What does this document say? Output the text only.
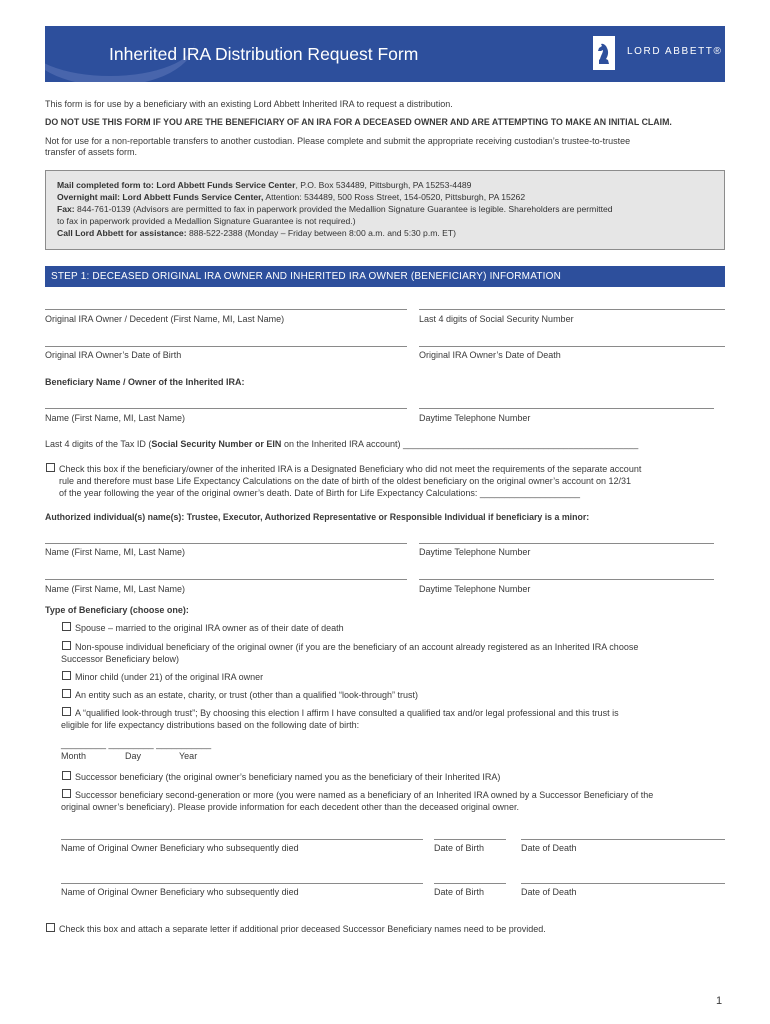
Inherited IRA Distribution Request Form	LORD ABBETT®
This form is for use by a beneficiary with an existing Lord Abbett Inherited IRA to request a distribution.
DO NOT USE THIS FORM IF YOU ARE THE BENEFICIARY OF AN IRA FOR A DECEASED OWNER AND ARE ATTEMPTING TO MAKE AN INITIAL CLAIM.
Not for use for a non-reportable transfers to another custodian. Please complete and submit the appropriate receiving custodian’s trustee-to-trustee
transfer of assets form.
Mail completed form to: Lord Abbett Funds Service Center, P.O. Box 534489, Pittsburgh, PA 15253-4489
Overnight mail: Lord Abbett Funds Service Center, Attention: 534489, 500 Ross Street, 154-0520, Pittsburgh, PA 15262
Fax: 844-761-0139 (Advisors are permitted to fax in paperwork provided the Medallion Signature Guarantee is legible. Shareholders are permitted
to fax in paperwork provided a Medallion Signature Guarantee is not required.)
Call Lord Abbett for assistance: 888-522-2388 (Monday – Friday between 8:00 a.m. and 5:30 p.m. ET)
STEP 1: DECEASED ORIGINAL IRA OWNER AND INHERITED IRA OWNER (BENEFICIARY) INFORMATION
Original IRA Owner / Decedent (First Name, MI, Last Name)	Last 4 digits of Social Security Number
Original IRA Owner’s Date of Birth	Original IRA Owner’s Date of Death
Beneficiary Name / Owner of the Inherited IRA:
Name (First Name, MI, Last Name)	Daytime Telephone Number
Last 4 digits of the Tax ID (Social Security Number or EIN on the Inherited IRA account) _______________________________________________
Check this box if the beneficiary/owner of the inherited IRA is a Designated Beneficiary who did not meet the requirements of the separate account
rule and therefore must base Life Expectancy Calculations on the date of birth of the oldest beneficiary on the original owner’s account on 12/31
of the year following the year of the original owner’s death. Date of Birth for Life Expectancy Calculations: ____________________
Authorized individual(s) name(s): Trustee, Executor, Authorized Representative or Responsible Individual if beneficiary is a minor:
Name (First Name, MI, Last Name)	Daytime Telephone Number
Name (First Name, MI, Last Name)	Daytime Telephone Number
Type of Beneficiary (choose one):
Spouse – married to the original IRA owner as of their date of death
Non-spouse individual beneficiary of the original owner (if you are the beneficiary of an account already registered as an Inherited IRA choose
Successor Beneficiary below)
Minor child (under 21) of the original IRA owner
An entity such as an estate, charity, or trust (other than a qualified “look-through” trust)
A “qualified look-through trust”; By choosing this election I affirm I have consulted a qualified tax and/or legal professional and this trust is
eligible for life expectancy distributions based on the following date of birth:
_________ _________ ___________
Month	Day	Year
Successor beneficiary (the original owner’s beneficiary named you as the beneficiary of their Inherited IRA)
Successor beneficiary second-generation or more (you were named as a beneficiary of an Inherited IRA owned by a Successor Beneficiary of the
original owner’s beneficiary). Please provide information for each decedent other than the deceased original owner.
Name of Original Owner Beneficiary who subsequently died	Date of Birth	Date of Death
Name of Original Owner Beneficiary who subsequently died	Date of Birth	Date of Death
Check this box and attach a separate letter if additional prior deceased Successor Beneficiary names need to be provided.
1
